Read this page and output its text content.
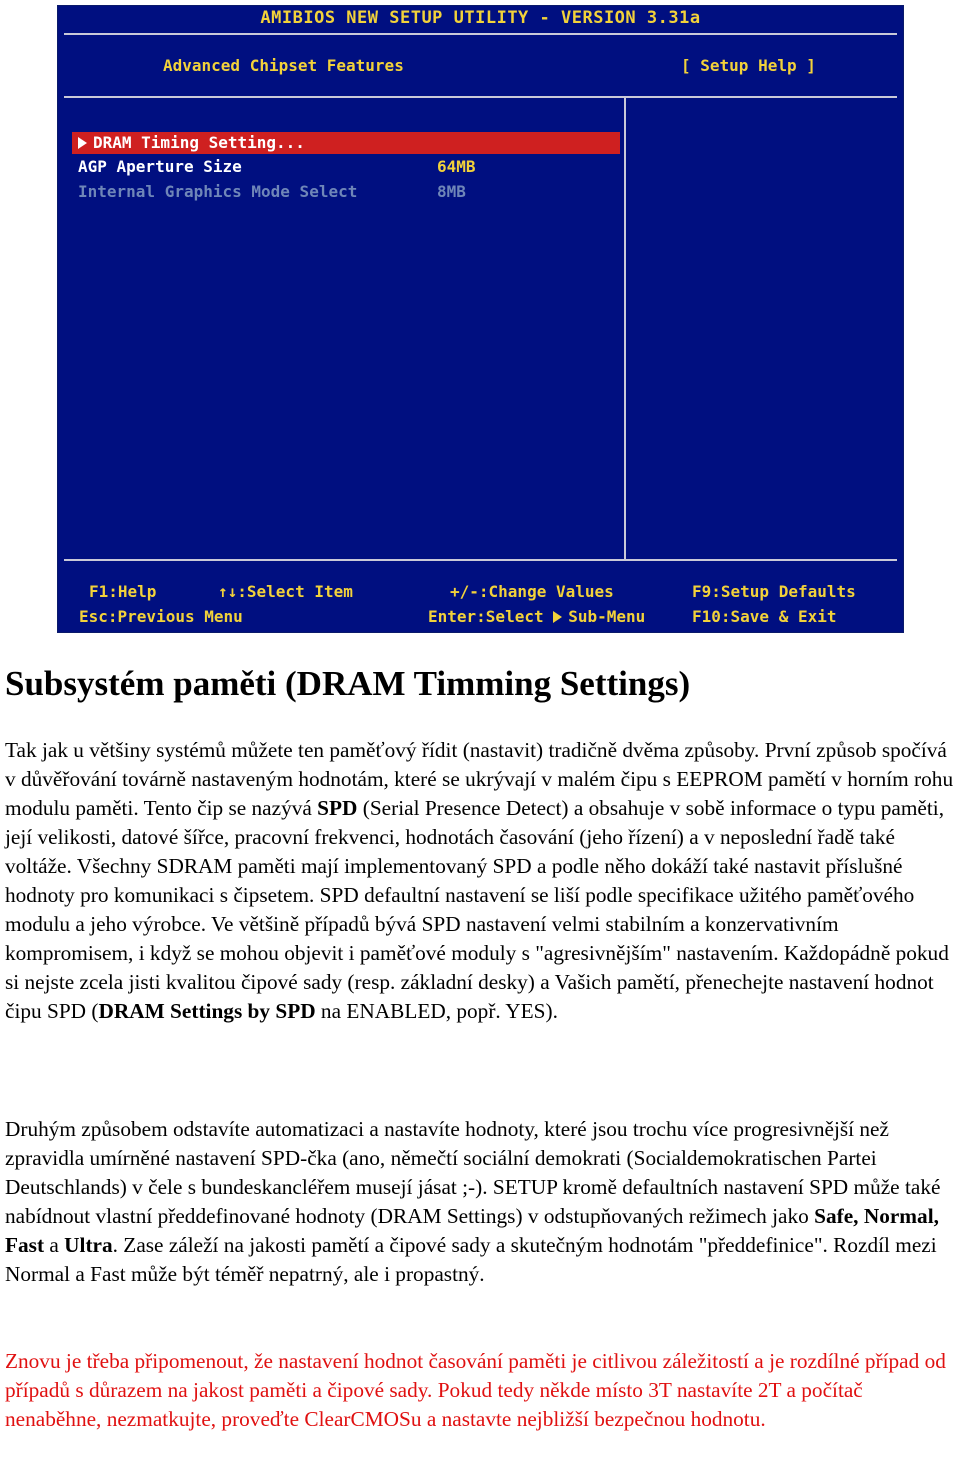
AMIBIOS NEW SETUP UTILITY - VERSION 3.31a
Advanced Chipset Features	[ Setup Help ]
DRAM Timing Setting...
AGP Aperture Size	64MB
Internal Graphics Mode Select	8MB
F1:Help	↑↓:Select Item	+/-:Change Values	F9:Setup Defaults
Esc:Previous Menu	Enter:Select Sub-Menu	F10:Save & Exit
Subsystém paměti (DRAM Timming Settings)

Tak jak u většiny systémů můžete ten paměťový řídit (nastavit) tradičně dvěma způsoby. První způsob spočívá v důvěřování továrně nastaveným hodnotám, které se ukrývají v malém čipu s EEPROM pamětí v horním rohu modulu paměti. Tento čip se nazývá SPD (Serial Presence Detect) a obsahuje v sobě informace o typu paměti, její velikosti, datové šířce, pracovní frekvenci, hodnotách časování (jeho řízení) a v neposlední řadě také voltáže. Všechny SDRAM paměti mají implementovaný SPD a podle něho dokáží také nastavit příslušné hodnoty pro komunikaci s čipsetem. SPD defaultní nastavení se liší podle specifikace užitého paměťového modulu a jeho výrobce. Ve většině případů bývá SPD nastavení velmi stabilním a konzervativním kompromisem, i když se mohou objevit i paměťové moduly s "agresivnějším" nastavením. Každopádně pokud si nejste zcela jisti kvalitou čipové sady (resp. základní desky) a Vašich pamětí, přenechejte nastavení hodnot čipu SPD (DRAM Settings by SPD na ENABLED, popř. YES).

Druhým způsobem odstavíte automatizaci a nastavíte hodnoty, které jsou trochu více progresivnější než zpravidla umírněné nastavení SPD-čka (ano, němečtí sociální demokrati (Socialdemokratischen Partei Deutschlands) v čele s bundeskancléřem musejí jásat ;-). SETUP kromě defaultních nastavení SPD může také nabídnout vlastní předdefinované hodnoty (DRAM Settings) v odstupňovaných režimech jako Safe, Normal, Fast a Ultra. Zase záleží na jakosti pamětí a čipové sady a skutečným hodnotám "předdefinice". Rozdíl mezi Normal a Fast může být téměř nepatrný, ale i propastný.

Znovu je třeba připomenout, že nastavení hodnot časování paměti je citlivou záležitostí a je rozdílné případ od případů s důrazem na jakost paměti a čipové sady. Pokud tedy někde místo 3T nastavíte 2T a počítač nenaběhne, nezmatkujte, proveďte ClearCMOSu a nastavte nejbližší bezpečnou hodnotu.
